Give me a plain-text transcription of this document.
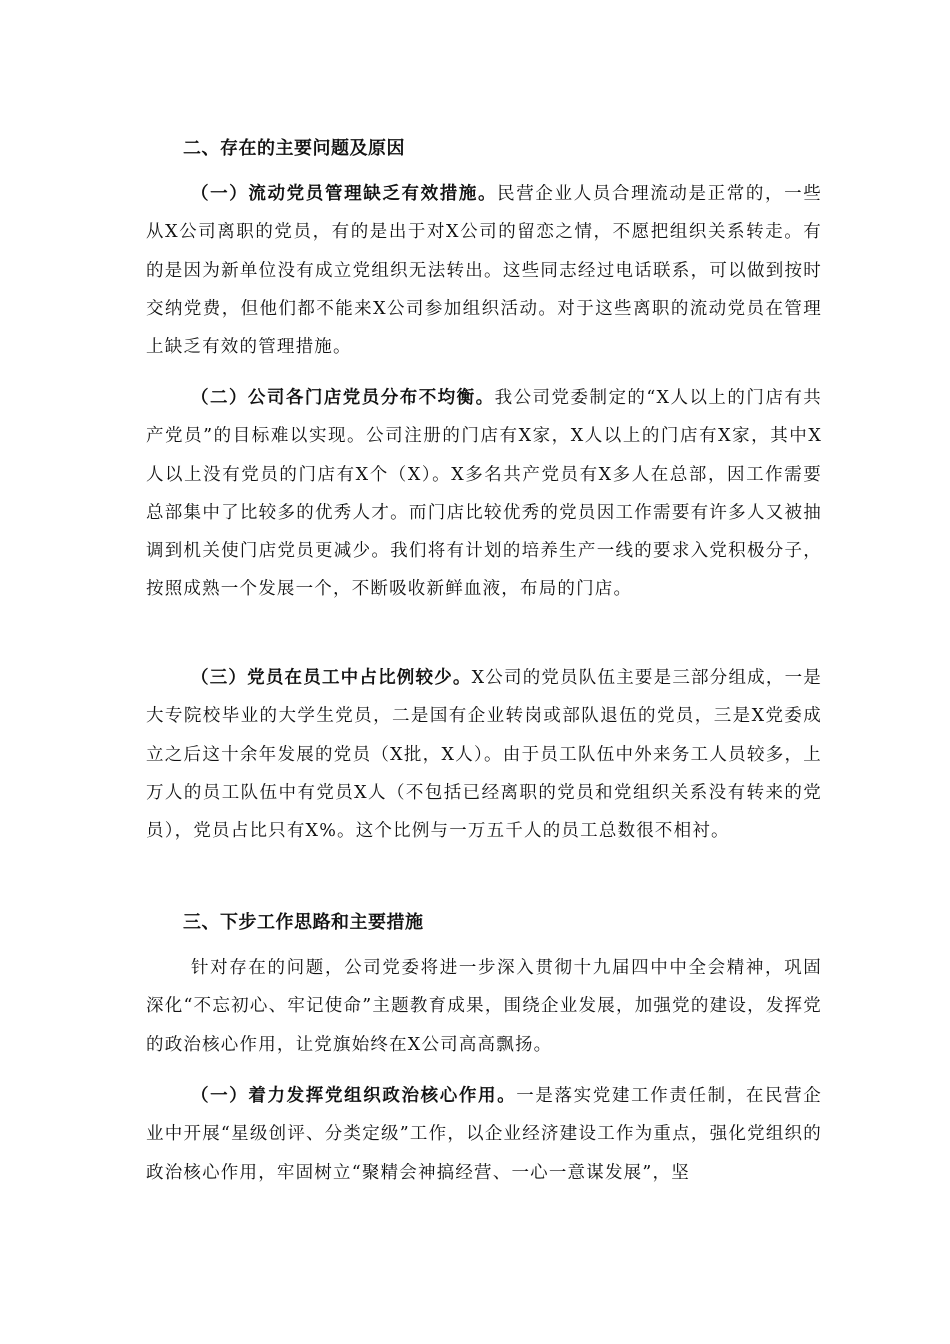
二、存在的主要问题及原因

（一）流动党员管理缺乏有效措施。民营企业人员合理流动是正常的，一些从X公司离职的党员，有的是出于对X公司的留恋之情，不愿把组织关系转走。有的是因为新单位没有成立党组织无法转出。这些同志经过电话联系，可以做到按时交纳党费，但他们都不能来X公司参加组织活动。对于这些离职的流动党员在管理上缺乏有效的管理措施。

（二）公司各门店党员分布不均衡。我公司党委制定的“X人以上的门店有共产党员”的目标难以实现。公司注册的门店有X家，X人以上的门店有X家，其中X人以上没有党员的门店有X个（X）。X多名共产党员有X多人在总部，因工作需要总部集中了比较多的优秀人才。而门店比较优秀的党员因工作需要有许多人又被抽调到机关使门店党员更减少。我们将有计划的培养生产一线的要求入党积极分子，按照成熟一个发展一个，不断吸收新鲜血液，布局的门店。

（三）党员在员工中占比例较少。X公司的党员队伍主要是三部分组成，一是大专院校毕业的大学生党员，二是国有企业转岗或部队退伍的党员，三是X党委成立之后这十余年发展的党员（X批，X人）。由于员工队伍中外来务工人员较多，上万人的员工队伍中有党员X人（不包括已经离职的党员和党组织关系没有转来的党员），党员占比只有X%。这个比例与一万五千人的员工总数很不相衬。

三、下步工作思路和主要措施

针对存在的问题，公司党委将进一步深入贯彻十九届四中中全会精神，巩固深化“不忘初心、牢记使命”主题教育成果，围绕企业发展，加强党的建设，发挥党的政治核心作用，让党旗始终在X公司高高飘扬。

（一）着力发挥党组织政治核心作用。一是落实党建工作责任制，在民营企业中开展“星级创评、分类定级”工作，以企业经济建设工作为重点，强化党组织的政治核心作用，牢固树立“聚精会神搞经营、一心一意谋发展”，坚
